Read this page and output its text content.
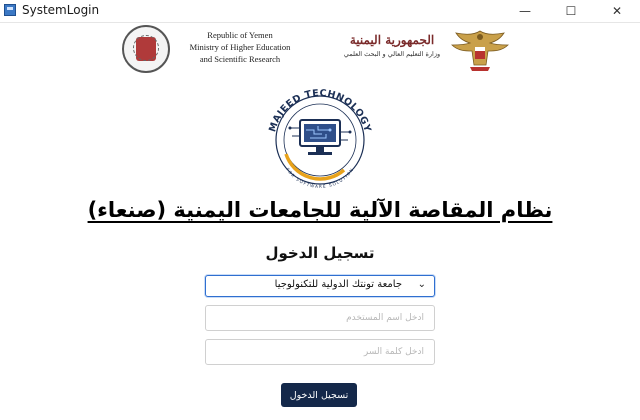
SystemLogin	—	☐	✕
Republic of Yemen
Ministry of Higher Education
and Scientific Research
الجمهورية اليمنية
وزارة التعليم العالي و البحث العلمي
MAJEED TECHNOLOGY
FOR SOFTWARE SOLUTION
نظام المقاصة الآلية للجامعات اليمنية (صنعاء)
تسجيل الدخول
جامعة تونتك الدولية للتكنولوجيا ⌄
ادخل اسم المستخدم
تسجيل الدخول
